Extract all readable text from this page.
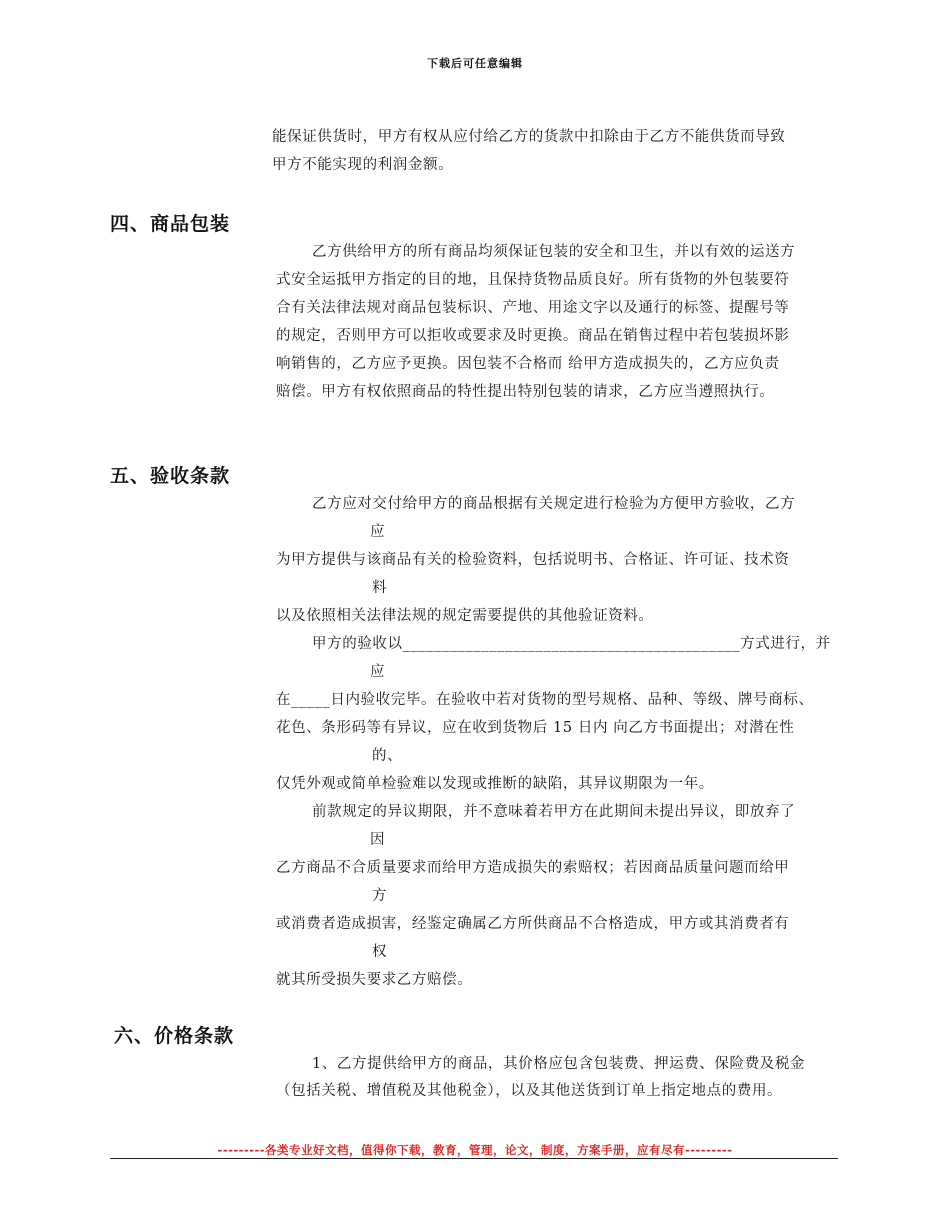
下载后可任意编辑
能保证供货时，甲方有权从应付给乙方的货款中扣除由于乙方不能供货而导致
甲方不能实现的利润金额。
四、商品包装
乙方供给甲方的所有商品均须保证包装的安全和卫生，并以有效的运送方
式安全运抵甲方指定的目的地，且保持货物品质良好。所有货物的外包装要符
合有关法律法规对商品包装标识、产地、用途文字以及通行的标签、提醒号等
的规定，否则甲方可以拒收或要求及时更换。商品在销售过程中若包装损坏影
响销售的，乙方应予更换。因包装不合格而 给甲方造成损失的，乙方应负责
赔偿。甲方有权依照商品的特性提出特别包装的请求，乙方应当遵照执行。
五、验收条款
乙方应对交付给甲方的商品根据有关规定进行检验为方便甲方验收，乙方
应
为甲方提供与该商品有关的检验资料，包括说明书、合格证、许可证、技术资
料
以及依照相关法律法规的规定需要提供的其他验证资料。
甲方的验收以___________________________________________方式进行，并
应
在_____日内验收完毕。在验收中若对货物的型号规格、品种、等级、牌号商标、
花色、条形码等有异议，应在收到货物后 15 日内 向乙方书面提出；对潜在性
的、
仅凭外观或简单检验难以发现或推断的缺陷，其异议期限为一年。
前款规定的异议期限，并不意味着若甲方在此期间未提出异议，即放弃了
因
乙方商品不合质量要求而给甲方造成损失的索赔权；若因商品质量问题而给甲
方
或消费者造成损害，经鉴定确属乙方所供商品不合格造成，甲方或其消费者有
权
就其所受损失要求乙方赔偿。
六、价格条款
1、乙方提供给甲方的商品，其价格应包含包装费、押运费、保险费及税金
（包括关税、增值税及其他税金），以及其他送货到订单上指定地点的费用。
---------各类专业好文档，值得你下载，教育，管理，论文，制度，方案手册，应有尽有---------
